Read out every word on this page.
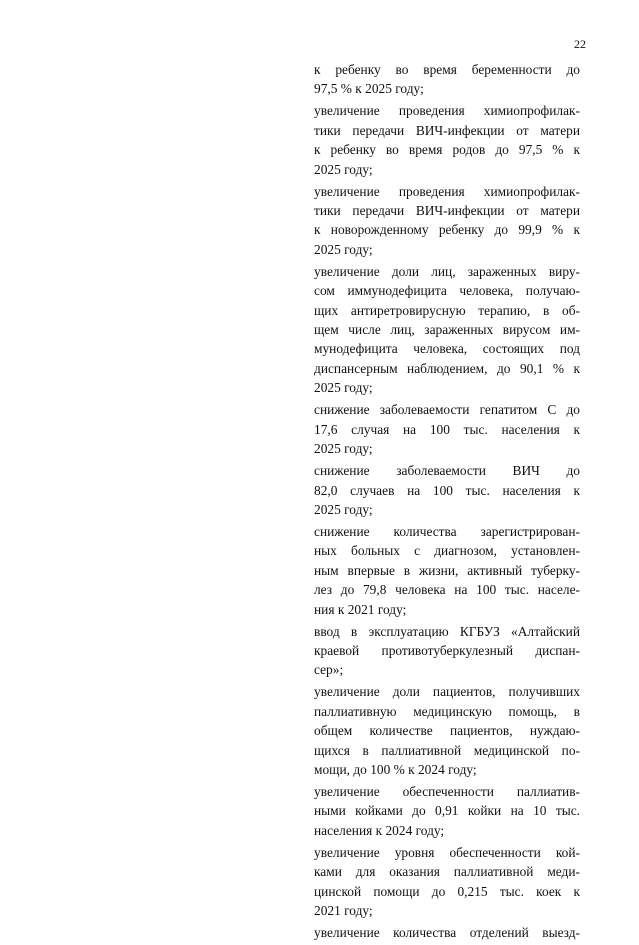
22
к ребенку во время беременности до
97,5 % к 2025 году;
увеличение проведения химиопрофилак-
тики передачи ВИЧ-инфекции от матери
к ребенку во время родов до 97,5 % к
2025 году;
увеличение проведения химиопрофилак-
тики передачи ВИЧ-инфекции от матери
к новорожденному ребенку до 99,9 % к
2025 году;
увеличение доли лиц, зараженных виру-
сом иммунодефицита человека, получаю-
щих антиретровирусную терапию, в об-
щем числе лиц, зараженных вирусом им-
мунодефицита человека, состоящих под
диспансерным наблюдением, до 90,1 % к
2025 году;
снижение заболеваемости гепатитом С до
17,6 случая на 100 тыс. населения к
2025 году;
снижение заболеваемости ВИЧ до
82,0 случаев на 100 тыс. населения к
2025 году;
снижение количества зарегистрирован-
ных больных с диагнозом, установлен-
ным впервые в жизни, активный туберку-
лез до 79,8 человека на 100 тыс. населе-
ния к 2021 году;
ввод в эксплуатацию КГБУЗ «Алтайский
краевой противотуберкулезный диспан-
сер»;
увеличение доли пациентов, получивших
паллиативную медицинскую помощь, в
общем количестве пациентов, нуждаю-
щихся в паллиативной медицинской по-
мощи, до 100 % к 2024 году;
увеличение обеспеченности паллиатив-
ными койками до 0,91 койки на 10 тыс.
населения к 2024 году;
увеличение уровня обеспеченности кой-
ками для оказания паллиативной меди-
цинской помощи до 0,215 тыс. коек к
2021 году;
увеличение количества отделений выезд-
